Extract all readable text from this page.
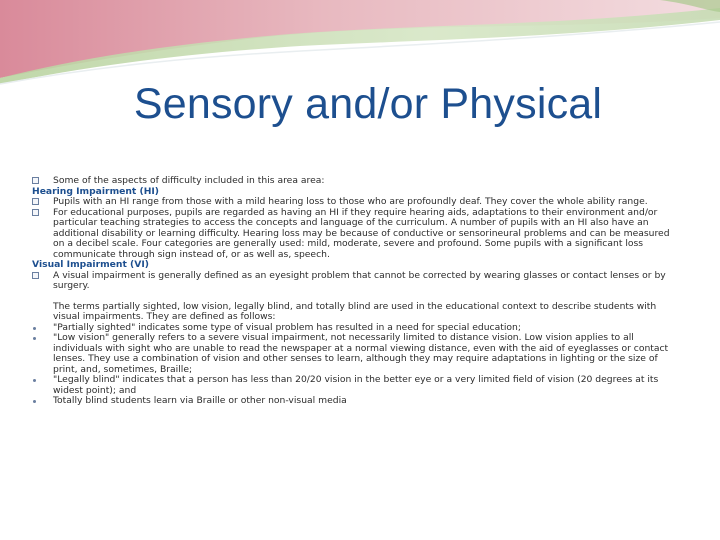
Sensory and/or Physical
Some of the aspects of difficulty included in this area area:
Hearing Impairment (HI)
Pupils with an HI range from those with a mild hearing loss to those who are profoundly deaf. They cover the whole ability range.
For educational purposes, pupils are regarded as having an HI if they require hearing aids, adaptations to their environment and/or particular teaching strategies to access the concepts and language of the curriculum. A number of pupils with an HI also have an additional disability or learning difficulty. Hearing loss may be because of conductive or sensorineural problems and can be measured on a decibel scale. Four categories are generally used: mild, moderate, severe and profound. Some pupils with a significant loss communicate through sign instead of, or as well as, speech.
Visual Impairment (VI)
A visual impairment is generally defined as an eyesight problem that cannot be corrected by wearing glasses or contact lenses or by surgery.
The terms partially sighted, low vision, legally blind, and totally blind are used in the educational context to describe students with visual impairments. They are defined as follows:
"Partially sighted" indicates some type of visual problem has resulted in a need for special education;
"Low vision" generally refers to a severe visual impairment, not necessarily limited to distance vision. Low vision applies to all individuals with sight who are unable to read the newspaper at a normal viewing distance, even with the aid of eyeglasses or contact lenses. They use a combination of vision and other senses to learn, although they may require adaptations in lighting or the size of print, and, sometimes, Braille;
"Legally blind" indicates that a person has less than 20/20 vision in the better eye or a very limited field of vision (20 degrees at its widest point); and
Totally blind students learn via Braille or other non-visual media
